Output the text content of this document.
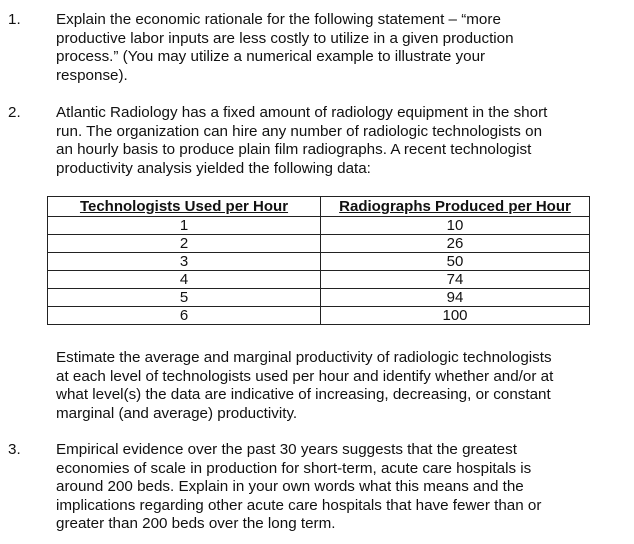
1. Explain the economic rationale for the following statement – “more
productive labor inputs are less costly to utilize in a given production
process.” (You may utilize a numerical example to illustrate your
response).
2. Atlantic Radiology has a fixed amount of radiology equipment in the short
run. The organization can hire any number of radiologic technologists on
an hourly basis to produce plain film radiographs. A recent technologist
productivity analysis yielded the following data:
Technologists Used per Hour	Radiographs Produced per Hour
1	10
2	26
3	50
4	74
5	94
6	100
Estimate the average and marginal productivity of radiologic technologists
at each level of technologists used per hour and identify whether and/or at
what level(s) the data are indicative of increasing, decreasing, or constant
marginal (and average) productivity.
3. Empirical evidence over the past 30 years suggests that the greatest
economies of scale in production for short-term, acute care hospitals is
around 200 beds. Explain in your own words what this means and the
implications regarding other acute care hospitals that have fewer than or
greater than 200 beds over the long term.
